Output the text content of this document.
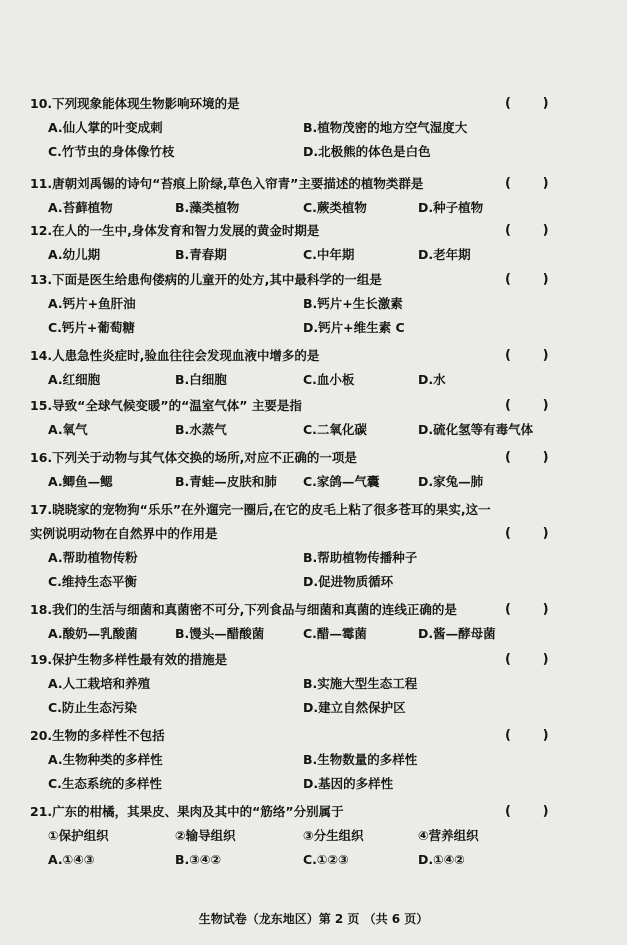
10.下列现象能体现生物影响环境的是	(       )
A.仙人掌的叶变成刺	B.植物茂密的地方空气湿度大
C.竹节虫的身体像竹枝	D.北极熊的体色是白色
11.唐朝刘禹锡的诗句“苔痕上阶绿,草色入帘青”主要描述的植物类群是	(       )
A.苔藓植物	B.藻类植物	C.蕨类植物	D.种子植物
12.在人的一生中,身体发育和智力发展的黄金时期是	(       )
A.幼儿期	B.青春期	C.中年期	D.老年期
13.下面是医生给患佝偻病的儿童开的处方,其中最科学的一组是	(       )
A.钙片+鱼肝油	B.钙片+生长激素
C.钙片+葡萄糖	D.钙片+维生素 C
14.人患急性炎症时,验血往往会发现血液中增多的是	(       )
A.红细胞	B.白细胞	C.血小板	D.水
15.导致“全球气候变暖”的“温室气体” 主要是指	(       )
A.氧气	B.水蒸气	C.二氧化碳	D.硫化氢等有毒气体
16.下列关于动物与其气体交换的场所,对应不正确的一项是	(       )
A.鲫鱼—鳃	B.青蛙—皮肤和肺 C.家鸽—气囊	D.家兔—肺
17.晓晓家的宠物狗“乐乐”在外遛完一圈后,在它的皮毛上粘了很多苍耳的果实,这一
实例说明动物在自然界中的作用是	(       )
A.帮助植物传粉	B.帮助植物传播种子
C.维持生态平衡	D.促进物质循环
18.我们的生活与细菌和真菌密不可分,下列食品与细菌和真菌的连线正确的是	(       )
A.酸奶—乳酸菌	B.馒头—醋酸菌	C.醋—霉菌	D.酱—酵母菌
19.保护生物多样性最有效的措施是	(       )
A.人工栽培和养殖	B.实施大型生态工程
C.防止生态污染	D.建立自然保护区
20.生物的多样性不包括	(       )
A.生物种类的多样性	B.生物数量的多样性
C.生态系统的多样性	D.基因的多样性
21.广东的柑橘，其果皮、果肉及其中的“筋络”分别属于	(       )
①保护组织	②输导组织	③分生组织	④营养组织
A.①④③	B.③④②	C.①②③	D.①④②
生物试卷（龙东地区）第 2 页 （共 6 页）
